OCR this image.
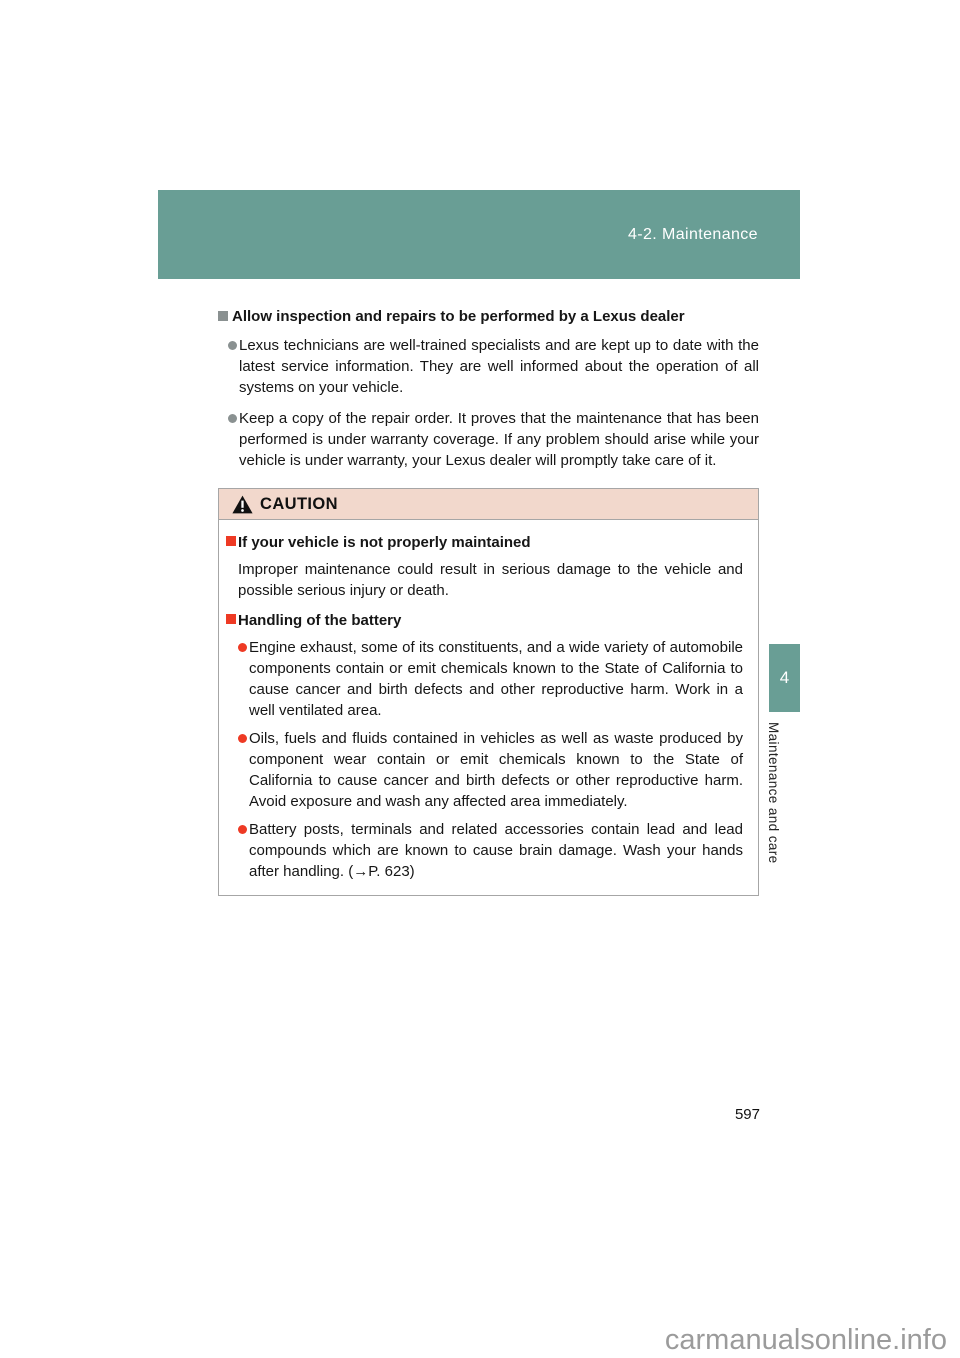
4-2. Maintenance
Allow inspection and repairs to be performed by a Lexus dealer
Lexus technicians are well-trained specialists and are kept up to date with the latest service information. They are well informed about the operation of all systems on your vehicle.
Keep a copy of the repair order. It proves that the maintenance that has been performed is under warranty coverage. If any problem should arise while your vehicle is under warranty, your Lexus dealer will promptly take care of it.
CAUTION
If your vehicle is not properly maintained
Improper maintenance could result in serious damage to the vehicle and possible serious injury or death.
Handling of the battery
Engine exhaust, some of its constituents, and a wide variety of automobile components contain or emit chemicals known to the State of California to cause cancer and birth defects and other reproductive harm. Work in a well ventilated area.
Oils, fuels and fluids contained in vehicles as well as waste produced by component wear contain or emit chemicals known to the State of California to cause cancer and birth defects or other reproductive harm. Avoid exposure and wash any affected area immediately.
Battery posts, terminals and related accessories contain lead and lead compounds which are known to cause brain damage. Wash your hands after handling. (→P. 623)
4
Maintenance and care
597
carmanualsonline.info
